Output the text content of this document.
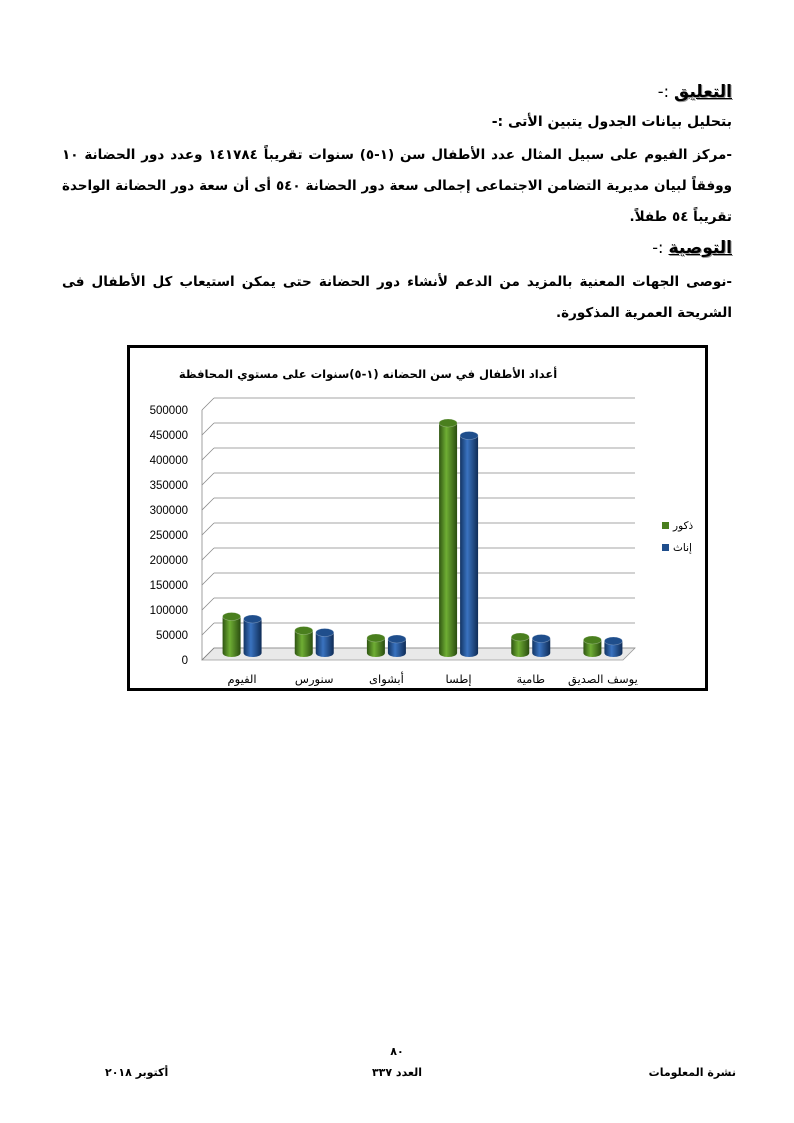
التعليق :-
بتحليل بيانات الجدول يتبين الأتى :-
-مركز الفيوم على سبيل المثال عدد الأطفال سن (١-٥) سنوات تقريباً ١٤١٧٨٤ وعدد دور الحضانة ١٠ ووفقاً لبيان مديرية التضامن الاجتماعى إجمالى سعة دور الحضانة ٥٤٠ أى أن سعة دور الحضانة الواحدة تقريباً ٥٤ طفلاً.
التوصية :-
-نوصى الجهات المعنية بالمزيد من الدعم لأنشاء دور الحضانة حتى يمكن استيعاب كل الأطفال فى الشريحة العمرية المذكورة.
أعداد الأطفال في سن الحضانه (١-٥)سنوات على مستوي المحافظة
500000
450000
400000
350000
300000
250000
200000
150000
100000
50000
0
الفيوم	سنورس	أبشواى	إطسا	طامية يوسف الصديق
ذكور
إناث
٨٠
نشرة المعلومات
العدد ٣٣٧
أكتوبر ٢٠١٨
